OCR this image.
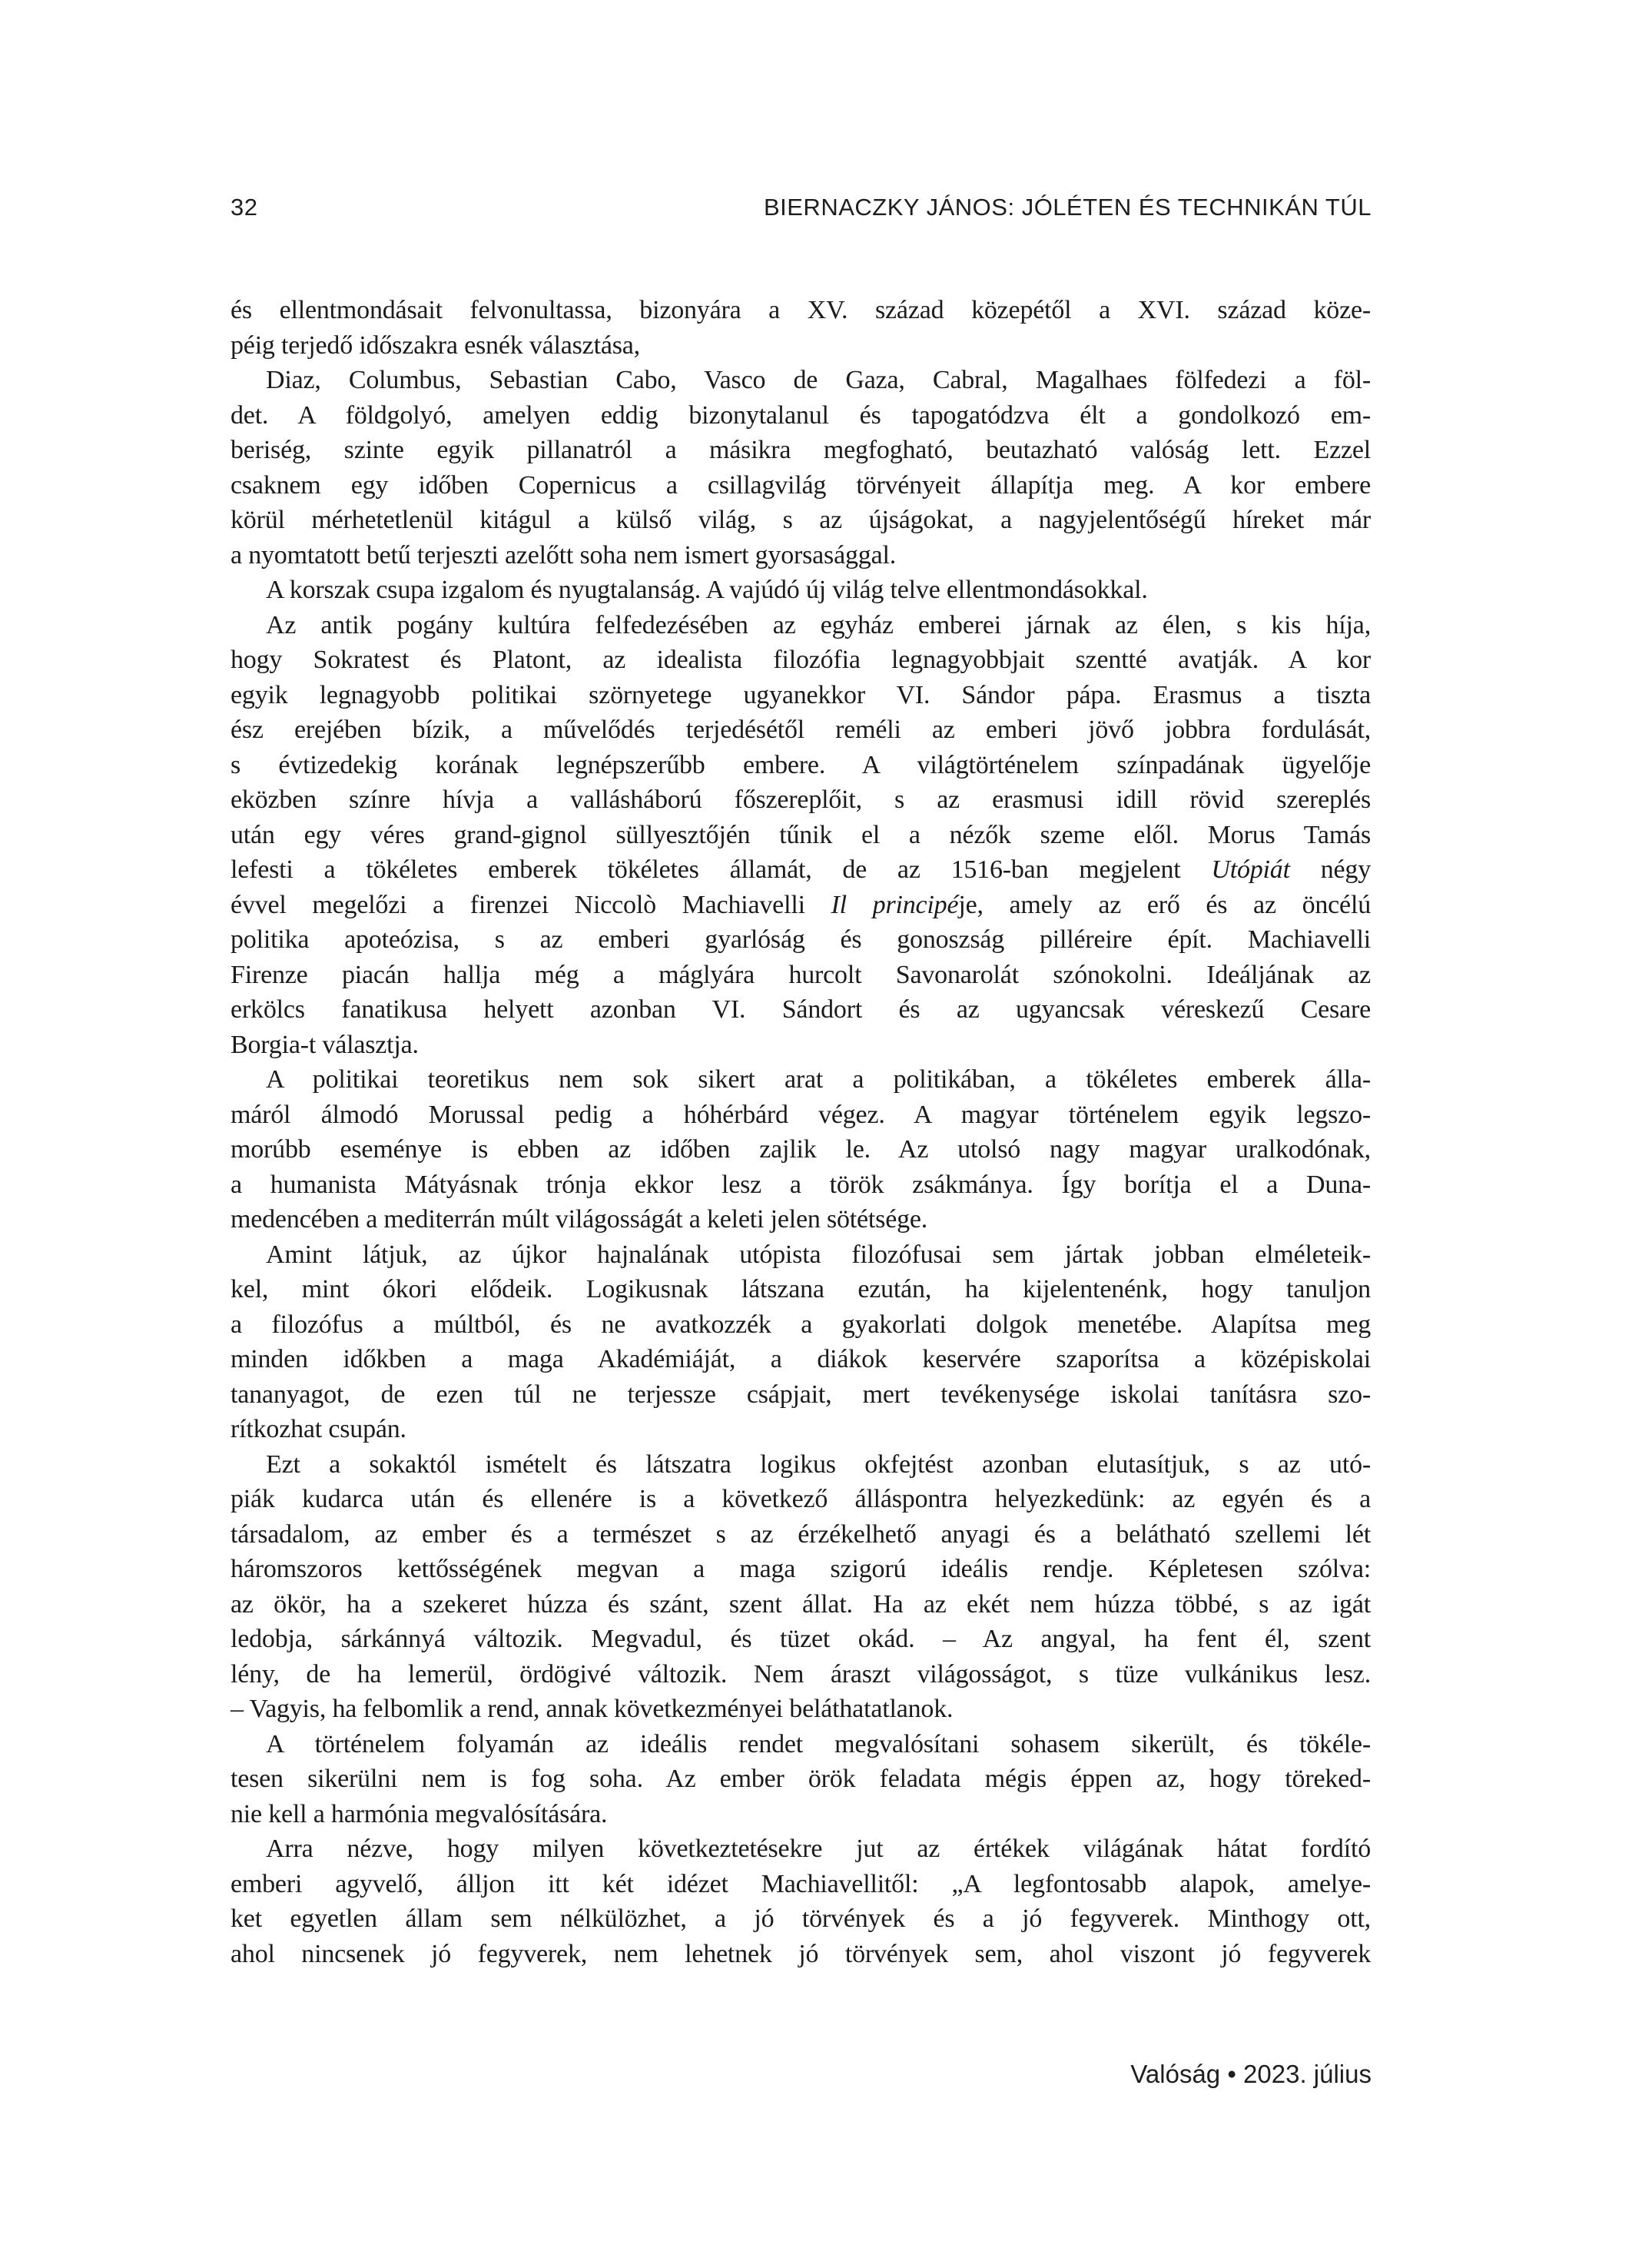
32	BIERNACZKY JÁNOS: JÓLÉTEN ÉS TECHNIKÁN TÚL
és ellentmondásait felvonultassa, bizonyára a XV. század közepétől a XVI. század köze-
péig terjedő időszakra esnék választása,
Diaz, Columbus, Sebastian Cabo, Vasco de Gaza, Cabral, Magalhaes fölfedezi a föl-
det. A földgolyó, amelyen eddig bizonytalanul és tapogatódzva élt a gondolkozó em-
beriség, szinte egyik pillanatról a másikra megfogható, beutazható valóság lett. Ezzel
csaknem egy időben Copernicus a csillagvilág törvényeit állapítja meg. A kor embere
körül mérhetetlenül kitágul a külső világ, s az újságokat, a nagyjelentőségű híreket már
a nyomtatott betű terjeszti azelőtt soha nem ismert gyorsasággal.
A korszak csupa izgalom és nyugtalanság. A vajúdó új világ telve ellentmondásokkal.
Az antik pogány kultúra felfedezésében az egyház emberei járnak az élen, s kis híja,
hogy Sokratest és Platont, az idealista filozófia legnagyobbjait szentté avatják. A kor
egyik legnagyobb politikai szörnyetege ugyanekkor VI. Sándor pápa. Erasmus a tiszta
ész erejében bízik, a művelődés terjedésétől reméli az emberi jövő jobbra fordulását,
s évtizedekig korának legnépszerűbb embere. A világtörténelem színpadának ügyelője
eközben színre hívja a vallásháború főszereplőit, s az erasmusi idill rövid szereplés
után egy véres grand-gignol süllyesztőjén tűnik el a nézők szeme elől. Morus Tamás
lefesti a tökéletes emberek tökéletes államát, de az 1516-ban megjelent Utópiát négy
évvel megelőzi a firenzei Niccolò Machiavelli Il principéje, amely az erő és az öncélú
politika apoteózisa, s az emberi gyarlóság és gonoszság pilléreire épít. Machiavelli
Firenze piacán hallja még a máglyára hurcolt Savonarolát szónokolni. Ideáljának az
erkölcs fanatikusa helyett azonban VI. Sándort és az ugyancsak véreskezű Cesare
Borgia-t választja.
A politikai teoretikus nem sok sikert arat a politikában, a tökéletes emberek álla-
máról álmodó Morussal pedig a hóhérbárd végez. A magyar történelem egyik legszo-
morúbb eseménye is ebben az időben zajlik le. Az utolsó nagy magyar uralkodónak,
a humanista Mátyásnak trónja ekkor lesz a török zsákmánya. Így borítja el a Duna-
medencében a mediterrán múlt világosságát a keleti jelen sötétsége.
Amint látjuk, az újkor hajnalának utópista filozófusai sem jártak jobban elméleteik-
kel, mint ókori elődeik. Logikusnak látszana ezután, ha kijelentenénk, hogy tanuljon
a filozófus a múltból, és ne avatkozzék a gyakorlati dolgok menetébe. Alapítsa meg
minden időkben a maga Akadémiáját, a diákok keservére szaporítsa a középiskolai
tananyagot, de ezen túl ne terjessze csápjait, mert tevékenysége iskolai tanításra szo-
rítkozhat csupán.
Ezt a sokaktól ismételt és látszatra logikus okfejtést azonban elutasítjuk, s az utó-
piák kudarca után és ellenére is a következő álláspontra helyezkedünk: az egyén és a
társadalom, az ember és a természet s az érzékelhető anyagi és a belátható szellemi lét
háromszoros kettősségének megvan a maga szigorú ideális rendje. Képletesen szólva:
az ökör, ha a szekeret húzza és szánt, szent állat. Ha az ekét nem húzza többé, s az igát
ledobja, sárkánnyá változik. Megvadul, és tüzet okád. – Az angyal, ha fent él, szent
lény, de ha lemerül, ördögivé változik. Nem áraszt világosságot, s tüze vulkánikus lesz.
– Vagyis, ha felbomlik a rend, annak következményei beláthatatlanok.
A történelem folyamán az ideális rendet megvalósítani sohasem sikerült, és tökéle-
tesen sikerülni nem is fog soha. Az ember örök feladata mégis éppen az, hogy töreked-
nie kell a harmónia megvalósítására.
Arra nézve, hogy milyen következtetésekre jut az értékek világának hátat fordító
emberi agyvelő, álljon itt két idézet Machiavellitől: „A legfontosabb alapok, amelye-
ket egyetlen állam sem nélkülözhet, a jó törvények és a jó fegyverek. Minthogy ott,
ahol nincsenek jó fegyverek, nem lehetnek jó törvények sem, ahol viszont jó fegyverek
Valóság • 2023. július
